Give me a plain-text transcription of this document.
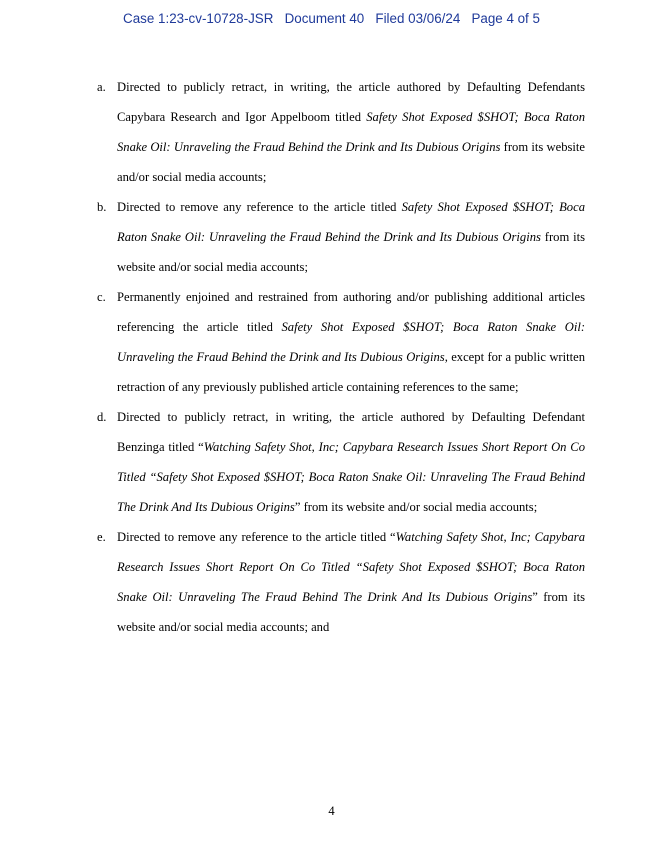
Case 1:23-cv-10728-JSR Document 40 Filed 03/06/24 Page 4 of 5
a. Directed to publicly retract, in writing, the article authored by Defaulting Defendants Capybara Research and Igor Appelboom titled Safety Shot Exposed $SHOT; Boca Raton Snake Oil: Unraveling the Fraud Behind the Drink and Its Dubious Origins from its website and/or social media accounts;
b. Directed to remove any reference to the article titled Safety Shot Exposed $SHOT; Boca Raton Snake Oil: Unraveling the Fraud Behind the Drink and Its Dubious Origins from its website and/or social media accounts;
c. Permanently enjoined and restrained from authoring and/or publishing additional articles referencing the article titled Safety Shot Exposed $SHOT; Boca Raton Snake Oil: Unraveling the Fraud Behind the Drink and Its Dubious Origins, except for a public written retraction of any previously published article containing references to the same;
d. Directed to publicly retract, in writing, the article authored by Defaulting Defendant Benzinga titled “Watching Safety Shot, Inc; Capybara Research Issues Short Report On Co Titled “Safety Shot Exposed $SHOT; Boca Raton Snake Oil: Unraveling The Fraud Behind The Drink And Its Dubious Origins” from its website and/or social media accounts;
e. Directed to remove any reference to the article titled “Watching Safety Shot, Inc; Capybara Research Issues Short Report On Co Titled “Safety Shot Exposed $SHOT; Boca Raton Snake Oil: Unraveling The Fraud Behind The Drink And Its Dubious Origins” from its website and/or social media accounts; and
4
